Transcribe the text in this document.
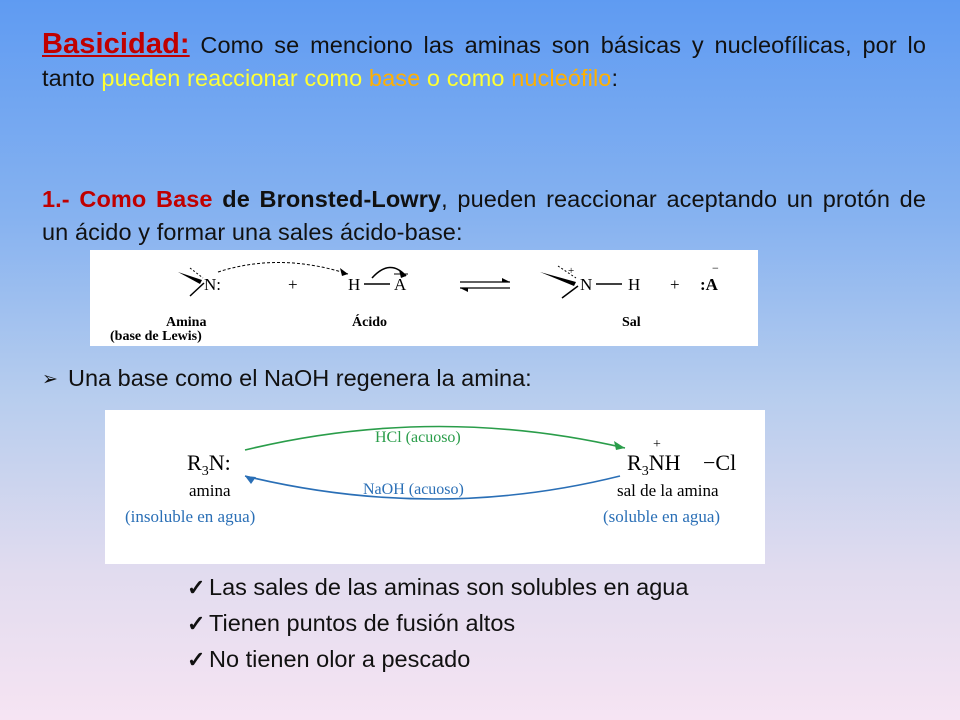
Basicidad: Como se menciono las aminas son básicas y nucleofílicas, por lo tanto pueden reaccionar como base o como nucleófilo:
1.- Como Base de Bronsted-Lowry, pueden reaccionar aceptando un protón de un ácido y formar una sales ácido-base:
N:	+	H A
+
N H + :A
−
Amina
(base de Lewis)
Ácido	Sal
➢ Una base como el NaOH regenera la amina:
$R_3N$:
amina
(insoluble en agua)
HCl (acuoso)
NaOH (acuoso)
+
$R_3NH -Cl$
sal de la amina
(soluble en agua)
✓ Las sales de las aminas son solubles en agua
✓ Tienen puntos de fusión altos
✓ No tienen olor a pescado
